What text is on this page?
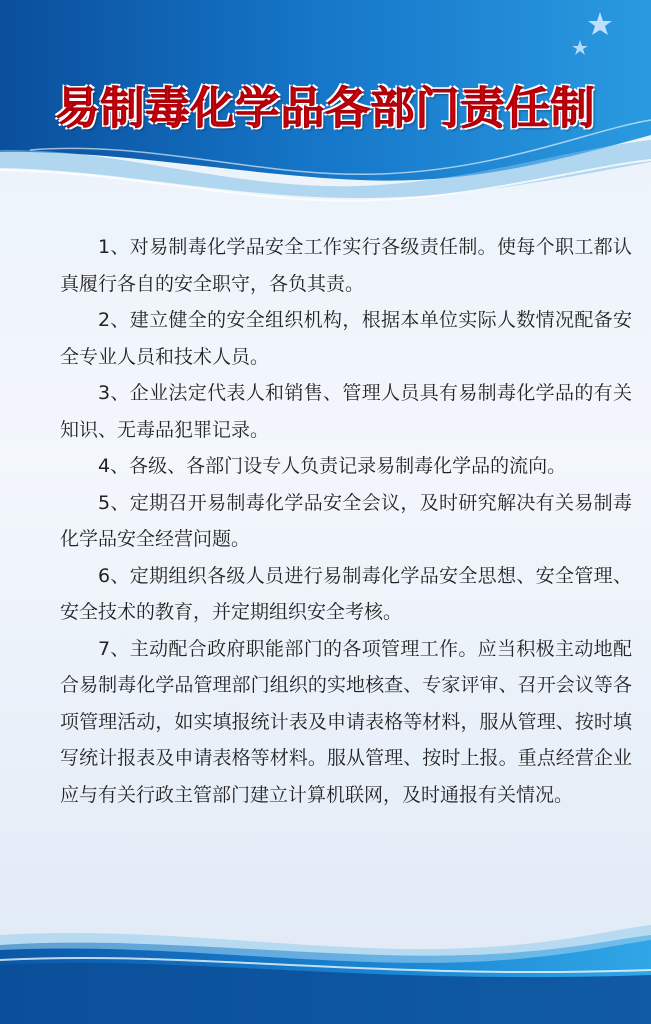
易制毒化学品各部门责任制

1、对易制毒化学品安全工作实行各级责任制。使每个职工都认真履行各自的安全职守，各负其责。

2、建立健全的安全组织机构，根据本单位实际人数情况配备安全专业人员和技术人员。

3、企业法定代表人和销售、管理人员具有易制毒化学品的有关知识、无毒品犯罪记录。

4、各级、各部门设专人负责记录易制毒化学品的流向。

5、定期召开易制毒化学品安全会议，及时研究解决有关易制毒化学品安全经营问题。

6、定期组织各级人员进行易制毒化学品安全思想、安全管理、安全技术的教育，并定期组织安全考核。

7、主动配合政府职能部门的各项管理工作。应当积极主动地配合易制毒化学品管理部门组织的实地核查、专家评审、召开会议等各项管理活动，如实填报统计表及申请表格等材料，服从管理、按时填写统计报表及申请表格等材料。服从管理、按时上报。重点经营企业应与有关行政主管部门建立计算机联网，及时通报有关情况。
